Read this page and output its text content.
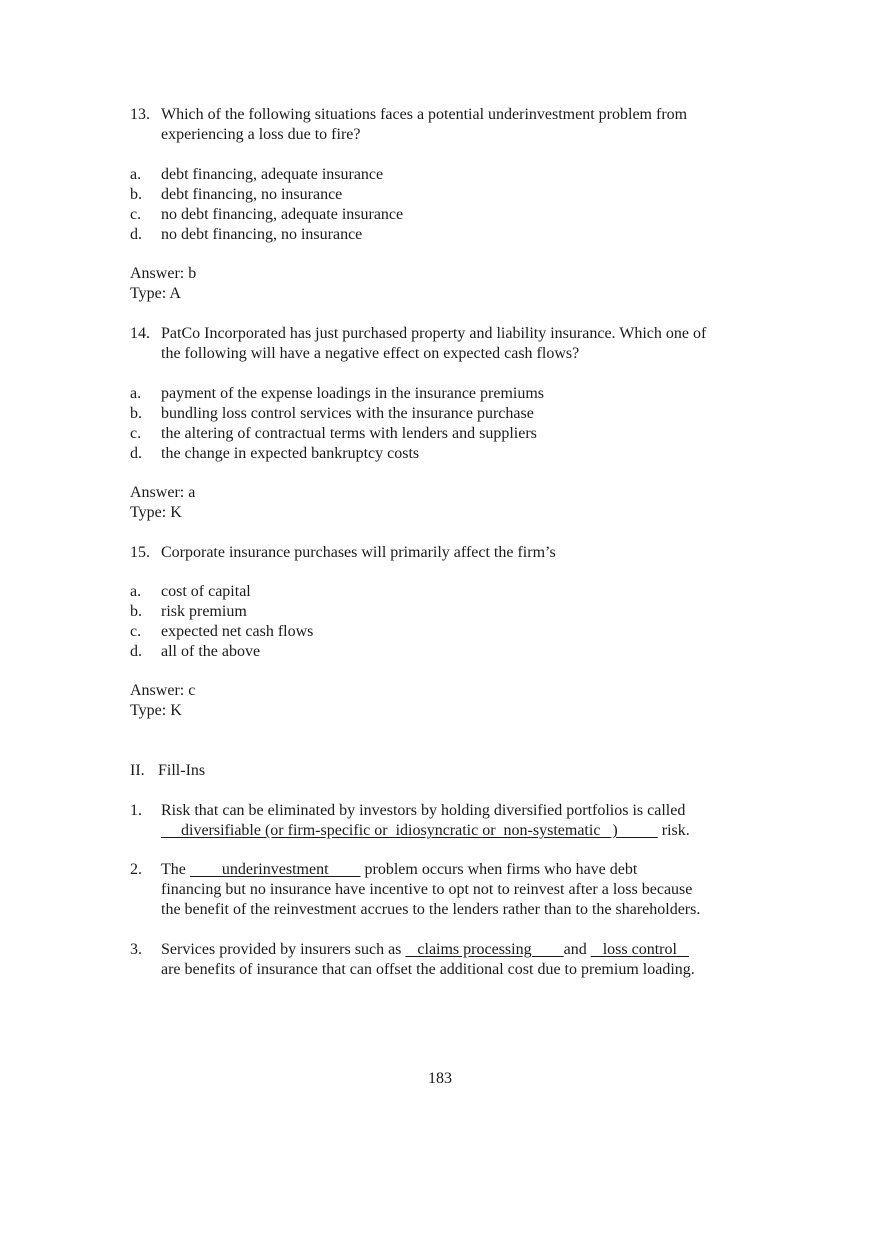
13. Which of the following situations faces a potential underinvestment problem from
experiencing a loss due to fire?
a. debt financing, adequate insurance
b. debt financing, no insurance
c. no debt financing, adequate insurance
d. no debt financing, no insurance
Answer: b
Type: A
14. PatCo Incorporated has just purchased property and liability insurance. Which one of
the following will have a negative effect on expected cash flows?
a. payment of the expense loadings in the insurance premiums
b. bundling loss control services with the insurance purchase
c. the altering of contractual terms with lenders and suppliers
d. the change in expected bankruptcy costs
Answer: a
Type: K
15. Corporate insurance purchases will primarily affect the firm’s
a. cost of capital
b. risk premium
c. expected net cash flows
d. all of the above
Answer: c
Type: K
II. Fill-Ins
1. Risk that can be eliminated by investors by holding diversified portfolios is called
diversifiable (or firm-specific or  idiosyncratic or  non-systematic   )           risk.
2. The         underinvestment         problem occurs when firms who have debt
financing but no insurance have incentive to opt not to reinvest after a loss because
the benefit of the reinvestment accrues to the lenders rather than to the shareholders.
3. Services provided by insurers such as    claims processing        and    loss control
are benefits of insurance that can offset the additional cost due to premium loading.
183
